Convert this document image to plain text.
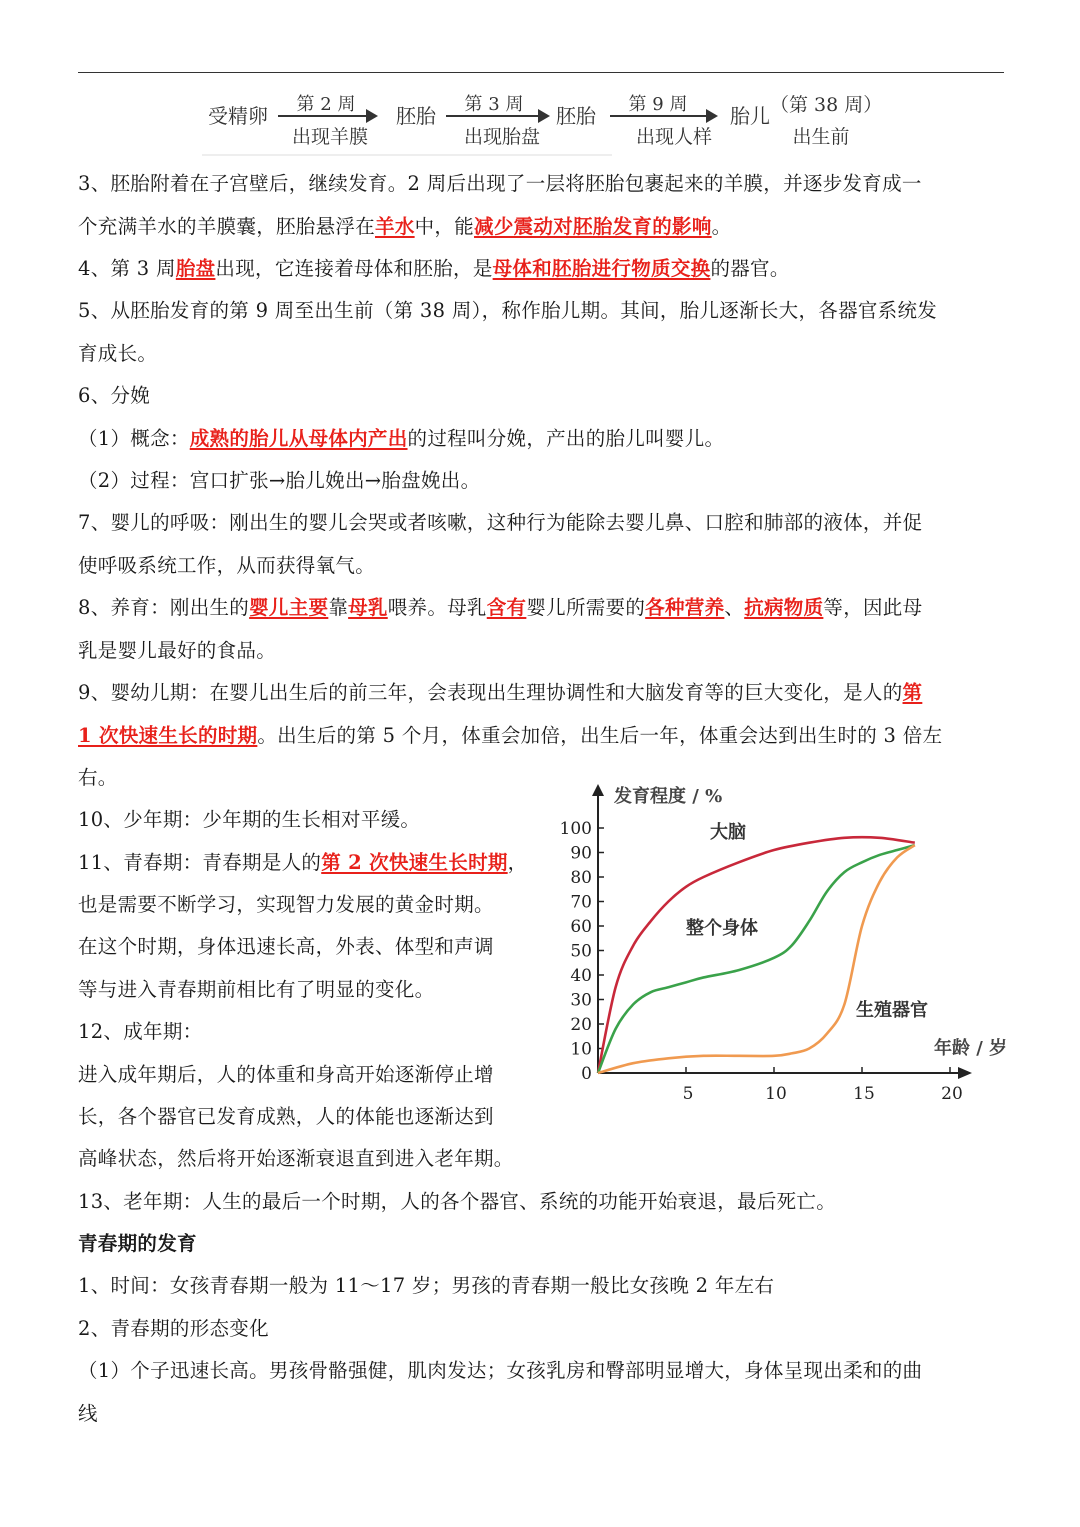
受精卵	第 2 周
出现羊膜
胚胎	第 3 周
出现胎盘
胚胎	第 9 周
出现人样
胎儿 （第 38 周）
出生前
3、胚胎附着在子宫壁后，继续发育。2 周后出现了一层将胚胎包裹起来的羊膜，并逐步发育成一
个充满羊水的羊膜囊，胚胎悬浮在羊水中，能减少震动对胚胎发育的影响。
4、第 3 周胎盘出现，它连接着母体和胚胎，是母体和胚胎进行物质交换的器官。
5、从胚胎发育的第 9 周至出生前（第 38 周），称作胎儿期。其间，胎儿逐渐长大，各器官系统发
育成长。
6、分娩
（1）概念：成熟的胎儿从母体内产出的过程叫分娩，产出的胎儿叫婴儿。
（2）过程：宫口扩张→胎儿娩出→胎盘娩出。
7、婴儿的呼吸：刚出生的婴儿会哭或者咳嗽，这种行为能除去婴儿鼻、口腔和肺部的液体，并促
使呼吸系统工作，从而获得氧气。
8、养育：刚出生的婴儿主要靠母乳喂养。母乳含有婴儿所需要的各种营养、抗病物质等，因此母
乳是婴儿最好的食品。
9、婴幼儿期：在婴儿出生后的前三年，会表现出生理协调性和大脑发育等的巨大变化，是人的第
1 次快速生长的时期。出生后的第 5 个月，体重会加倍，出生后一年，体重会达到出生时的 3 倍左
右。
10、少年期：少年期的生长相对平缓。
11、青春期：青春期是人的第 2 次快速生长时期，
也是需要不断学习，实现智力发展的黄金时期。
在这个时期，身体迅速长高，外表、体型和声调
等与进入青春期前相比有了明显的变化。
12、成年期：
进入成年期后，人的体重和身高开始逐渐停止增
长，各个器官已发育成熟，人的体能也逐渐达到
高峰状态，然后将开始逐渐衰退直到进入老年期。
13、老年期：人生的最后一个时期，人的各个器官、系统的功能开始衰退，最后死亡。
青春期的发育
1、时间：女孩青春期一般为 11～17 岁；男孩的青春期一般比女孩晚 2 年左右
2、青春期的形态变化
（1）个子迅速长高。男孩骨骼强健，肌肉发达；女孩乳房和臀部明显增大，身体呈现出柔和的曲
线
0
10
20
30
40
50
60
70
80
90
100
5	10	15	20
发育程度 / %
年龄 / 岁
大脑
整个身体
生殖器官
